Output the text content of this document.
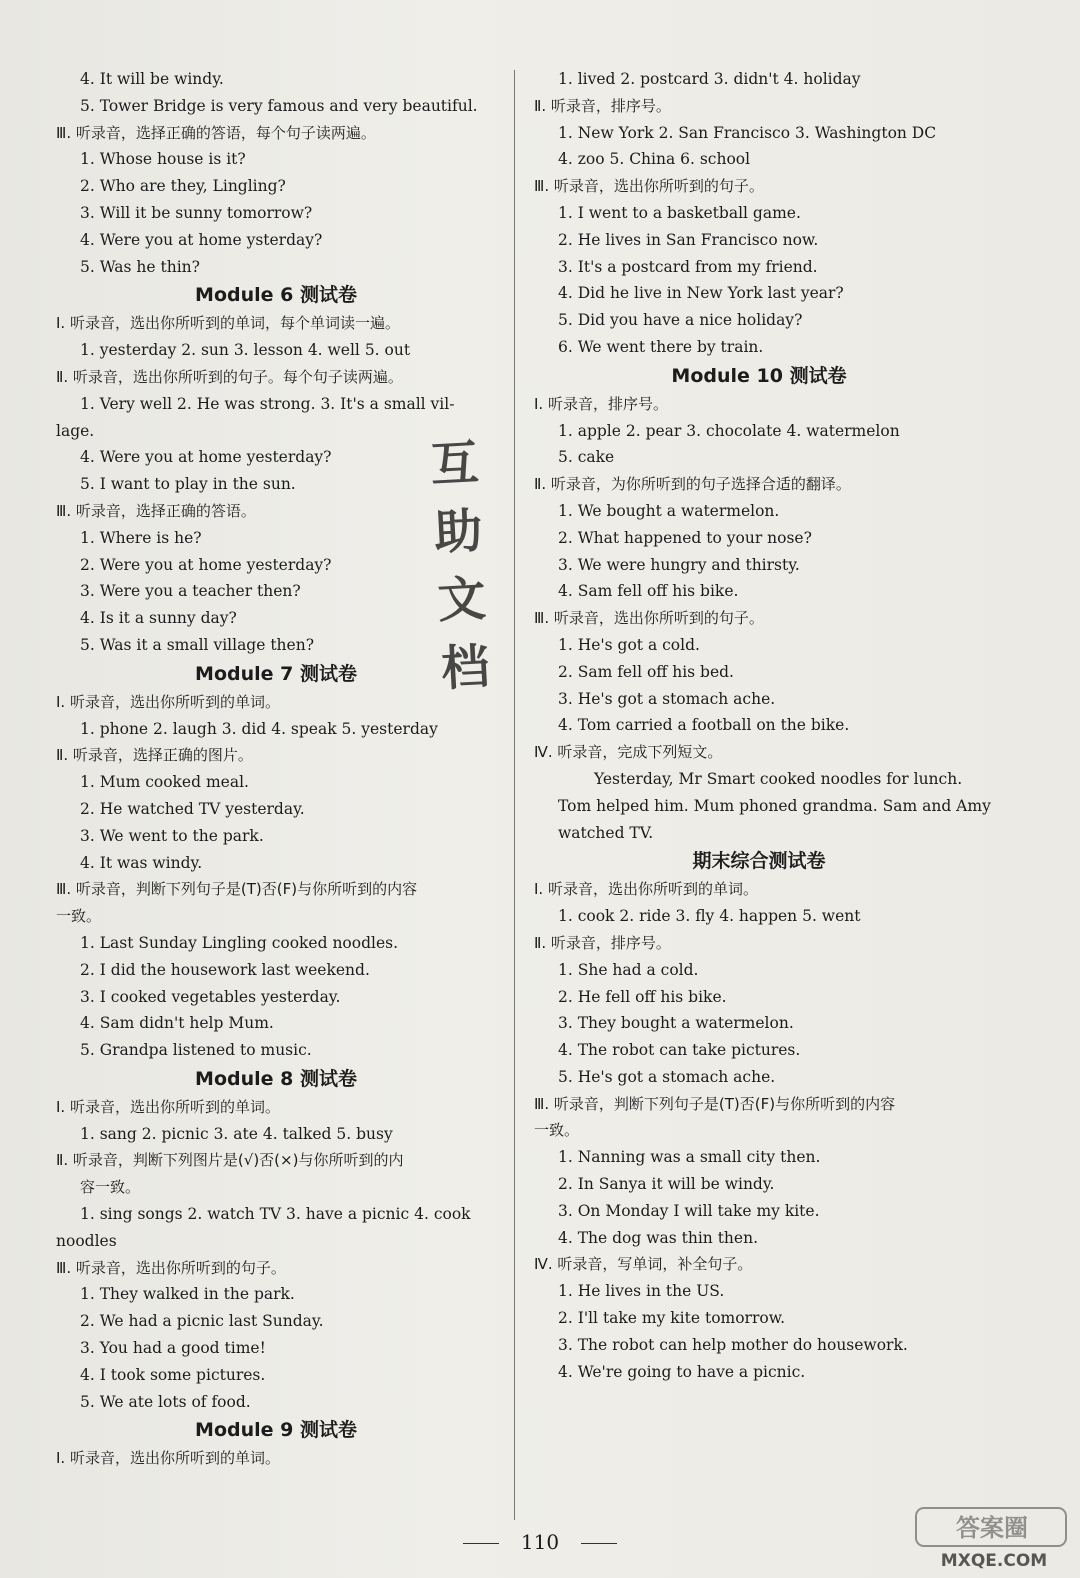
4. It will be windy.
5. Tower Bridge is very famous and very beautiful.
Ⅲ. 听录音，选择正确的答语，每个句子读两遍。
1. Whose house is it?
2. Who are they, Lingling?
3. Will it be sunny tomorrow?
4. Were you at home ysterday?
5. Was he thin?
Module 6 测试卷
Ⅰ. 听录音，选出你所听到的单词，每个单词读一遍。
1. yesterday 2. sun 3. lesson 4. well 5. out
Ⅱ. 听录音，选出你所听到的句子。每个句子读两遍。
1. Very well 2. He was strong. 3. It's a small vil-
lage.
4. Were you at home yesterday?
5. I want to play in the sun.
Ⅲ. 听录音，选择正确的答语。
1. Where is he?
2. Were you at home yesterday?
3. Were you a teacher then?
4. Is it a sunny day?
5. Was it a small village then?
Module 7 测试卷
Ⅰ. 听录音，选出你所听到的单词。
1. phone 2. laugh 3. did 4. speak 5. yesterday
Ⅱ. 听录音，选择正确的图片。
1. Mum cooked meal.
2. He watched TV yesterday.
3. We went to the park.
4. It was windy.
Ⅲ. 听录音，判断下列句子是(T)否(F)与你所听到的内容
一致。
1. Last Sunday Lingling cooked noodles.
2. I did the housework last weekend.
3. I cooked vegetables yesterday.
4. Sam didn't help Mum.
5. Grandpa listened to music.
Module 8 测试卷
Ⅰ. 听录音，选出你所听到的单词。
1. sang 2. picnic 3. ate 4. talked 5. busy
Ⅱ. 听录音，判断下列图片是(√)否(×)与你所听到的内
容一致。
1. sing songs 2. watch TV 3. have a picnic 4. cook
noodles
Ⅲ. 听录音，选出你所听到的句子。
1. They walked in the park.
2. We had a picnic last Sunday.
3. You had a good time!
4. I took some pictures.
5. We ate lots of food.
Module 9 测试卷
Ⅰ. 听录音，选出你所听到的单词。
1. lived 2. postcard 3. didn't 4. holiday
Ⅱ. 听录音，排序号。
1. New York 2. San Francisco 3. Washington DC
4. zoo 5. China 6. school
Ⅲ. 听录音，选出你所听到的句子。
1. I went to a basketball game.
2. He lives in San Francisco now.
3. It's a postcard from my friend.
4. Did he live in New York last year?
5. Did you have a nice holiday?
6. We went there by train.
Module 10 测试卷
Ⅰ. 听录音，排序号。
1. apple 2. pear 3. chocolate 4. watermelon
5. cake
Ⅱ. 听录音，为你所听到的句子选择合适的翻译。
1. We bought a watermelon.
2. What happened to your nose?
3. We were hungry and thirsty.
4. Sam fell off his bike.
Ⅲ. 听录音，选出你所听到的句子。
1. He's got a cold.
2. Sam fell off his bed.
3. He's got a stomach ache.
4. Tom carried a football on the bike.
Ⅳ. 听录音，完成下列短文。
Yesterday, Mr Smart cooked noodles for lunch.
Tom helped him. Mum phoned grandma. Sam and Amy
watched TV.
期末综合测试卷
Ⅰ. 听录音，选出你所听到的单词。
1. cook 2. ride 3. fly 4. happen 5. went
Ⅱ. 听录音，排序号。
1. She had a cold.
2. He fell off his bike.
3. They bought a watermelon.
4. The robot can take pictures.
5. He's got a stomach ache.
Ⅲ. 听录音，判断下列句子是(T)否(F)与你所听到的内容
一致。
1. Nanning was a small city then.
2. In Sanya it will be windy.
3. On Monday I will take my kite.
4. The dog was thin then.
Ⅳ. 听录音，写单词，补全句子。
1. He lives in the US.
2. I'll take my kite tomorrow.
3. The robot can help mother do housework.
4. We're going to have a picnic.
互助文档
110	答案圈
MXQE.COM
